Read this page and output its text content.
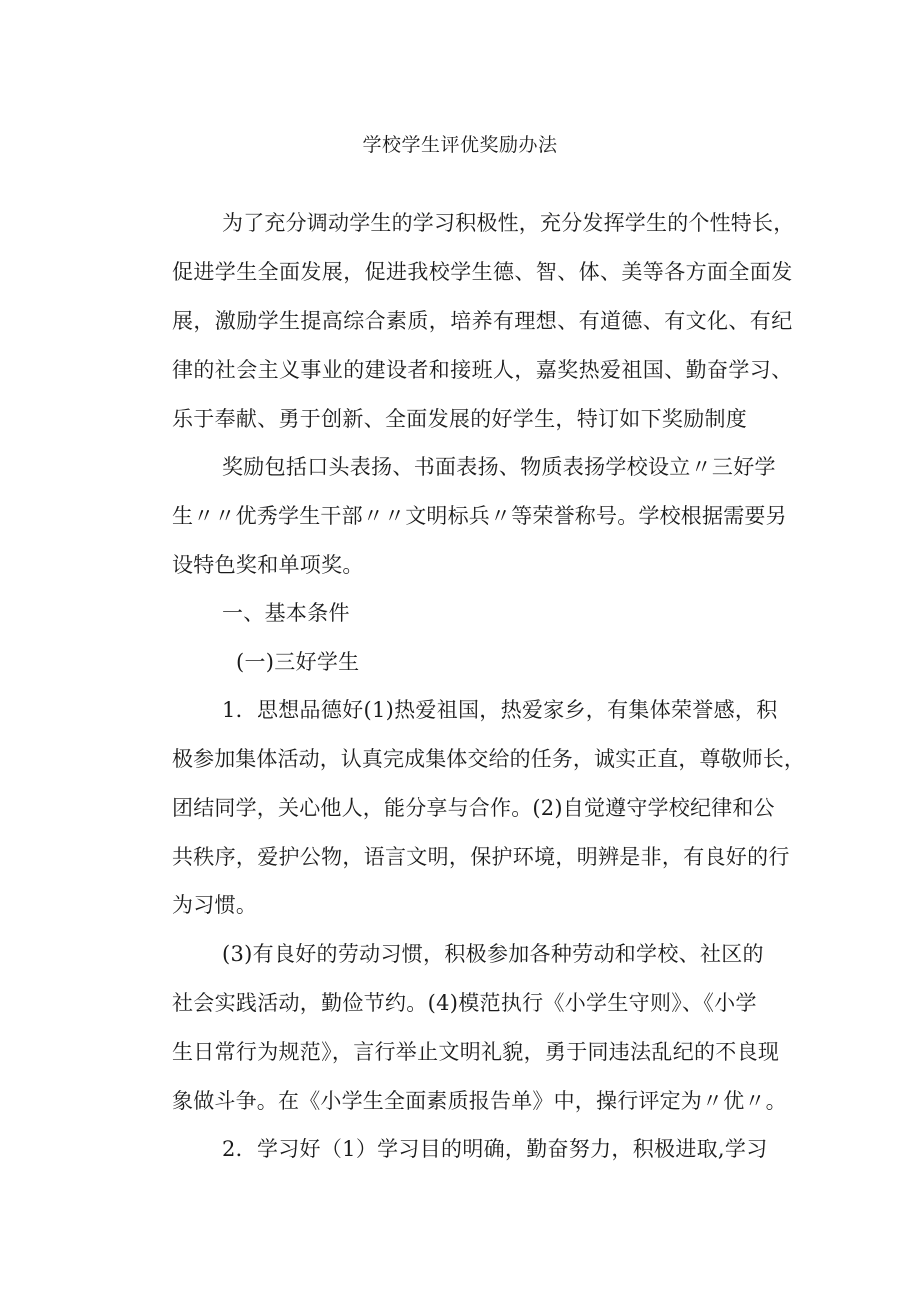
学校学生评优奖励办法
为了充分调动学生的学习积极性，充分发挥学生的个性特长，
促进学生全面发展，促进我校学生德、智、体、美等各方面全面发
展，激励学生提高综合素质，培养有理想、有道德、有文化、有纪
律的社会主义事业的建设者和接班人，嘉奖热爱祖国、勤奋学习、
乐于奉献、勇于创新、全面发展的好学生，特订如下奖励制度
奖励包括口头表扬、书面表扬、物质表扬学校设立〃三好学
生〃〃优秀学生干部〃〃文明标兵〃等荣誉称号。学校根据需要另
设特色奖和单项奖。
一、基本条件
(一)三好学生
1．思想品德好(1)热爱祖国，热爱家乡，有集体荣誉感，积
极参加集体活动，认真完成集体交给的任务，诚实正直，尊敬师长，
团结同学，关心他人，能分享与合作。(2)自觉遵守学校纪律和公
共秩序，爱护公物，语言文明，保护环境，明辨是非，有良好的行
为习惯。
(3)有良好的劳动习惯，积极参加各种劳动和学校、社区的
社会实践活动，勤俭节约。(4)模范执行《小学生守则》、《小学
生日常行为规范》，言行举止文明礼貌，勇于同违法乱纪的不良现
象做斗争。在《小学生全面素质报告单》中，操行评定为〃优〃。
2．学习好（1）学习目的明确，勤奋努力，积极进取,学习
